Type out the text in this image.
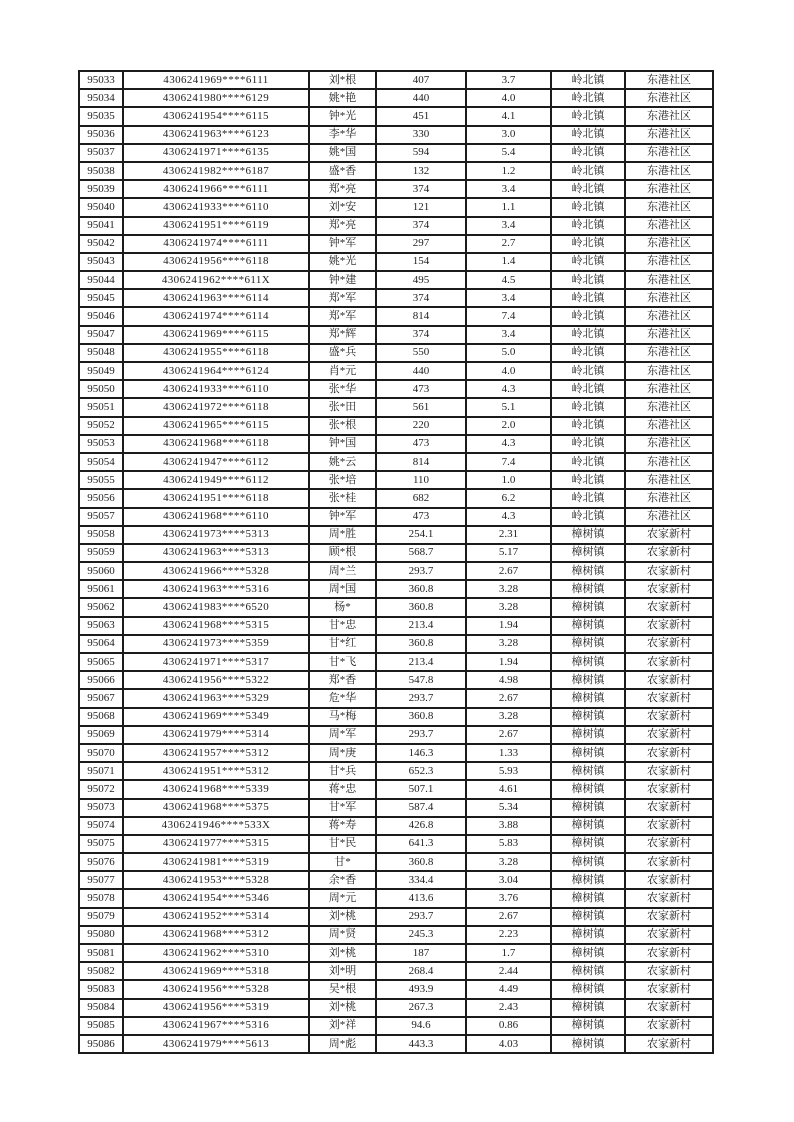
95033	4306241969****6111	刘*根	407	3.7	岭北镇	东港社区
95034	4306241980****6129	姚*艳	440	4.0	岭北镇	东港社区
95035	4306241954****6115	钟*光	451	4.1	岭北镇	东港社区
95036	4306241963****6123	李*华	330	3.0	岭北镇	东港社区
95037	4306241971****6135	姚*国	594	5.4	岭北镇	东港社区
95038	4306241982****6187	盛*香	132	1.2	岭北镇	东港社区
95039	4306241966****6111	郑*亮	374	3.4	岭北镇	东港社区
95040	4306241933****6110	刘*安	121	1.1	岭北镇	东港社区
95041	4306241951****6119	郑*亮	374	3.4	岭北镇	东港社区
95042	4306241974****6111	钟*军	297	2.7	岭北镇	东港社区
95043	4306241956****6118	姚*光	154	1.4	岭北镇	东港社区
95044	4306241962****611X	钟*建	495	4.5	岭北镇	东港社区
95045	4306241963****6114	郑*军	374	3.4	岭北镇	东港社区
95046	4306241974****6114	郑*军	814	7.4	岭北镇	东港社区
95047	4306241969****6115	郑*辉	374	3.4	岭北镇	东港社区
95048	4306241955****6118	盛*兵	550	5.0	岭北镇	东港社区
95049	4306241964****6124	肖*元	440	4.0	岭北镇	东港社区
95050	4306241933****6110	张*华	473	4.3	岭北镇	东港社区
95051	4306241972****6118	张*田	561	5.1	岭北镇	东港社区
95052	4306241965****6115	张*根	220	2.0	岭北镇	东港社区
95053	4306241968****6118	钟*国	473	4.3	岭北镇	东港社区
95054	4306241947****6112	姚*云	814	7.4	岭北镇	东港社区
95055	4306241949****6112	张*培	110	1.0	岭北镇	东港社区
95056	4306241951****6118	张*桂	682	6.2	岭北镇	东港社区
95057	4306241968****6110	钟*军	473	4.3	岭北镇	东港社区
95058	4306241973****5313	周*胜	254.1	2.31	樟树镇	农家新村
95059	4306241963****5313	顾*根	568.7	5.17	樟树镇	农家新村
95060	4306241966****5328	周*兰	293.7	2.67	樟树镇	农家新村
95061	4306241963****5316	周*国	360.8	3.28	樟树镇	农家新村
95062	4306241983****6520	杨*	360.8	3.28	樟树镇	农家新村
95063	4306241968****5315	甘*忠	213.4	1.94	樟树镇	农家新村
95064	4306241973****5359	甘*红	360.8	3.28	樟树镇	农家新村
95065	4306241971****5317	甘*飞	213.4	1.94	樟树镇	农家新村
95066	4306241956****5322	郑*香	547.8	4.98	樟树镇	农家新村
95067	4306241963****5329	危*华	293.7	2.67	樟树镇	农家新村
95068	4306241969****5349	马*梅	360.8	3.28	樟树镇	农家新村
95069	4306241979****5314	周*军	293.7	2.67	樟树镇	农家新村
95070	4306241957****5312	周*庚	146.3	1.33	樟树镇	农家新村
95071	4306241951****5312	甘*兵	652.3	5.93	樟树镇	农家新村
95072	4306241968****5339	蒋*忠	507.1	4.61	樟树镇	农家新村
95073	4306241968****5375	甘*军	587.4	5.34	樟树镇	农家新村
95074	4306241946****533X	蒋*寿	426.8	3.88	樟树镇	农家新村
95075	4306241977****5315	甘*民	641.3	5.83	樟树镇	农家新村
95076	4306241981****5319	甘*	360.8	3.28	樟树镇	农家新村
95077	4306241953****5328	余*香	334.4	3.04	樟树镇	农家新村
95078	4306241954****5346	周*元	413.6	3.76	樟树镇	农家新村
95079	4306241952****5314	刘*桃	293.7	2.67	樟树镇	农家新村
95080	4306241968****5312	周*贤	245.3	2.23	樟树镇	农家新村
95081	4306241962****5310	刘*桃	187	1.7	樟树镇	农家新村
95082	4306241969****5318	刘*明	268.4	2.44	樟树镇	农家新村
95083	4306241956****5328	吴*根	493.9	4.49	樟树镇	农家新村
95084	4306241956****5319	刘*桃	267.3	2.43	樟树镇	农家新村
95085	4306241967****5316	刘*祥	94.6	0.86	樟树镇	农家新村
95086	4306241979****5613	周*彪	443.3	4.03	樟树镇	农家新村
